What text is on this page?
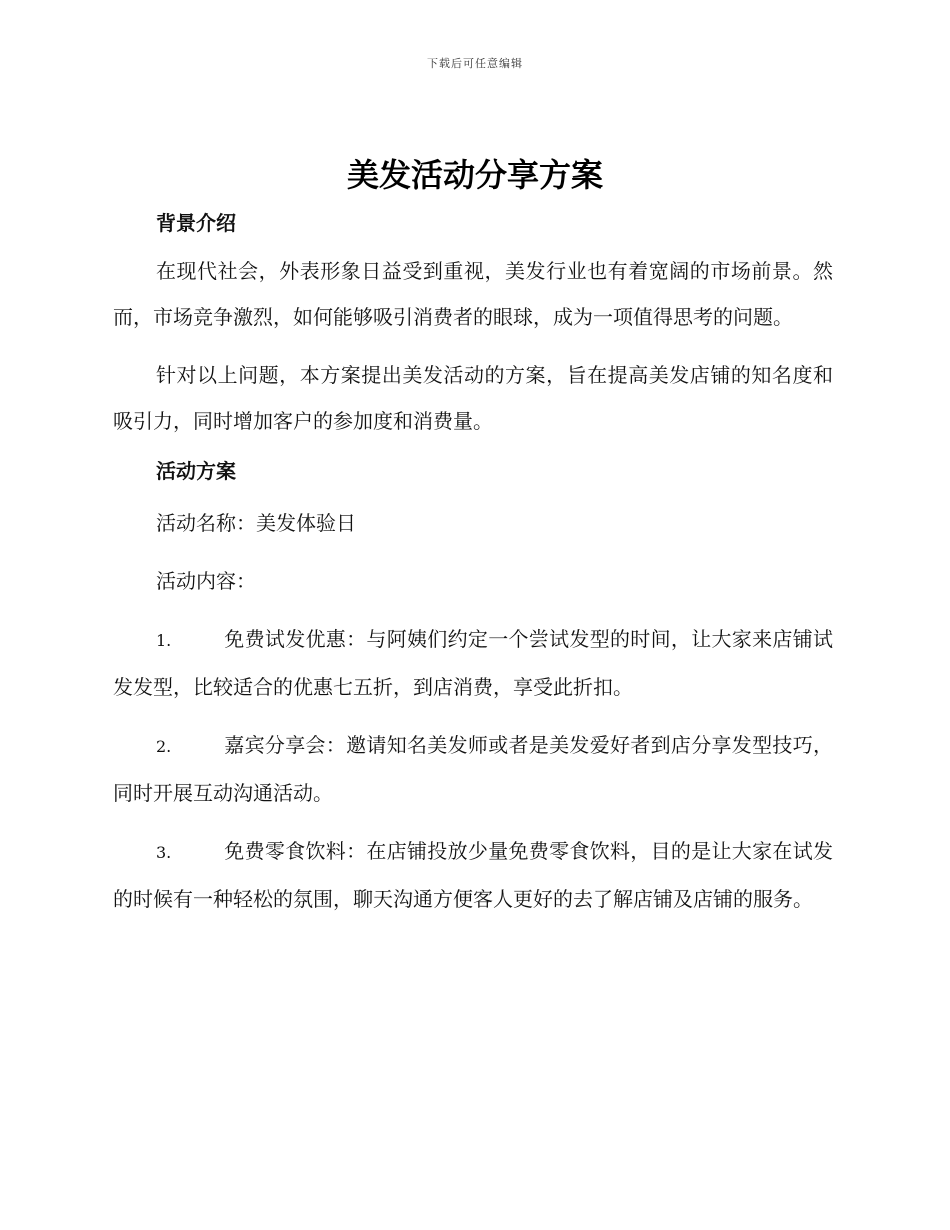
下载后可任意编辑
美发活动分享方案
背景介绍

在现代社会，外表形象日益受到重视，美发行业也有着宽阔的市场前景。然而，市场竞争激烈，如何能够吸引消费者的眼球，成为一项值得思考的问题。

针对以上问题，本方案提出美发活动的方案，旨在提高美发店铺的知名度和吸引力，同时增加客户的参加度和消费量。

活动方案
活动名称：美发体验日
活动内容：

1.	免费试发优惠：与阿姨们约定一个尝试发型的时间，让大家来店铺试发发型，比较适合的优惠七五折，到店消费，享受此折扣。

2.	嘉宾分享会：邀请知名美发师或者是美发爱好者到店分享发型技巧，同时开展互动沟通活动。

3.	免费零食饮料：在店铺投放少量免费零食饮料，目的是让大家在试发的时候有一种轻松的氛围，聊天沟通方便客人更好的去了解店铺及店铺的服务。
